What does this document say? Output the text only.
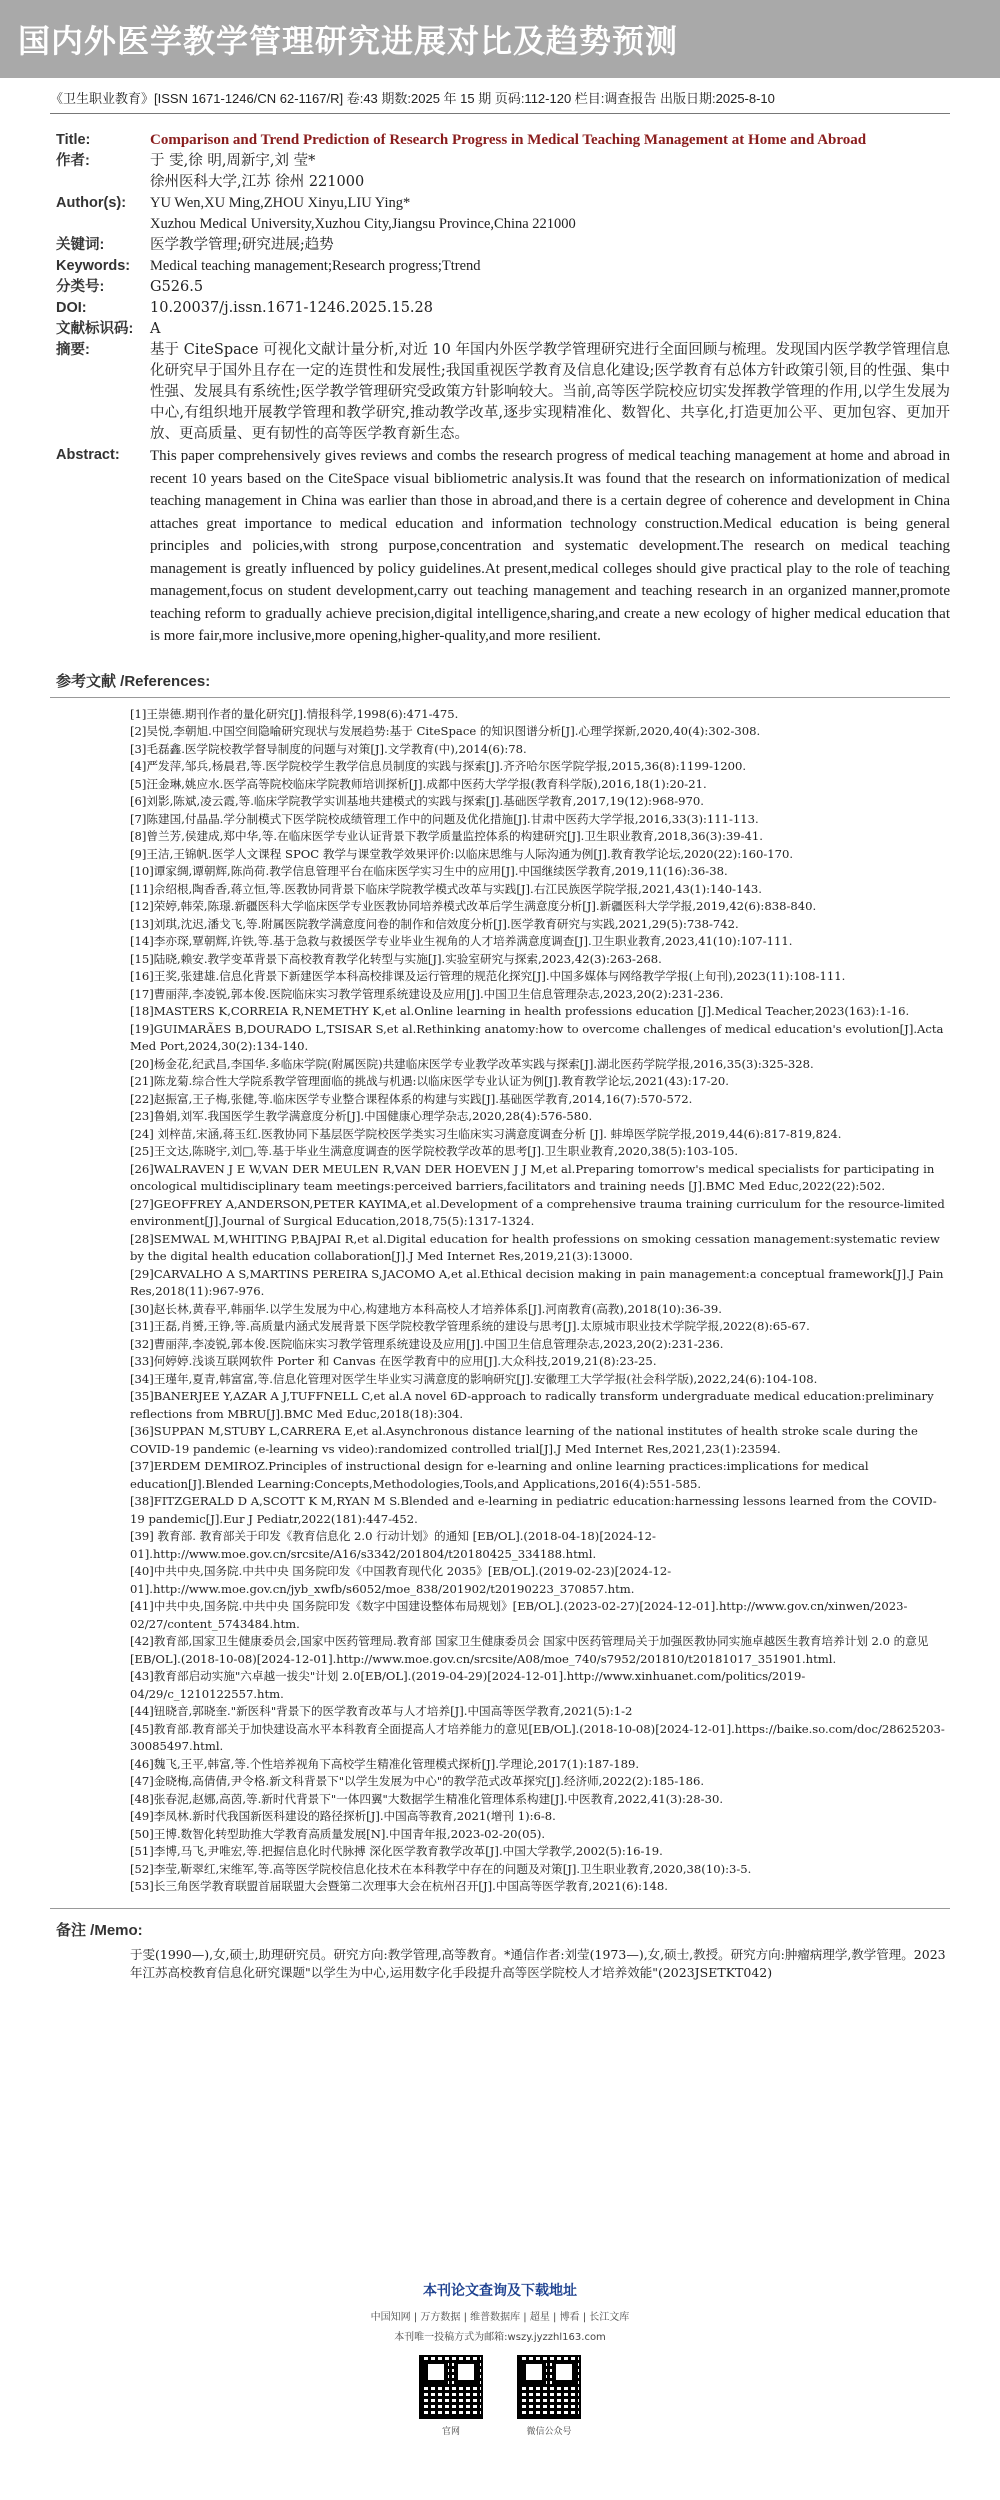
国内外医学教学管理研究进展对比及趋势预测
《卫生职业教育》[ISSN 1671-1246/CN 62-1167/R] 卷:43 期数:2025 年 15 期 页码:112-120 栏目:调查报告 出版日期:2025-8-10
Title:	Comparison and Trend Prediction of Research Progress in Medical Teaching Management at Home and Abroad
作者:	于 雯,徐 明,周新宇,刘 莹*
徐州医科大学,江苏 徐州 221000
Author(s):	YU Wen,XU Ming,ZHOU Xinyu,LIU Ying*
Xuzhou Medical University,Xuzhou City,Jiangsu Province,China 221000
关键词:	医学教学管理;研究进展;趋势
Keywords:	Medical teaching management;Research progress;Ttrend
分类号:	G526.5
DOI:	10.20037/j.issn.1671-1246.2025.15.28
文献标识码:	A
摘要:	基于 CiteSpace 可视化文献计量分析,对近 10 年国内外医学教学管理研究进行全面回顾与梳理。发现国内医学教学管理信息化研究早于国外且存在一定的连贯性和发展性;我国重视医学教育及信息化建设;医学教育有总体方针政策引领,目的性强、集中性强、发展具有系统性;医学教学管理研究受政策方针影响较大。当前,高等医学院校应切实发挥教学管理的作用,以学生发展为中心,有组织地开展教学管理和教学研究,推动教学改革,逐步实现精准化、数智化、共享化,打造更加公平、更加包容、更加开放、更高质量、更有韧性的高等医学教育新生态。
Abstract:	This paper comprehensively gives reviews and combs the research progress of medical teaching management at home and abroad in recent 10 years based on the CiteSpace visual bibliometric analysis.It was found that the research on informationization of medical teaching management in China was earlier than those in abroad,and there is a certain degree of coherence and development in China attaches great importance to medical education and information technology construction.Medical education is being general principles and policies,with strong purpose,concentration and systematic development.The research on medical teaching management is greatly influenced by policy guidelines.At present,medical colleges should give practical play to the role of teaching management,focus on student development,carry out teaching management and teaching research in an organized manner,promote teaching reform to gradually achieve precision,digital intelligence,sharing,and create a new ecology of higher medical education that is more fair,more inclusive,more opening,higher-quality,and more resilient.
参考文献 /References:
[1]王崇德.期刊作者的量化研究[J].情报科学,1998(6):471-475.
[2]吴悦,李朝旭.中国空间隐喻研究现状与发展趋势:基于 CiteSpace 的知识图谱分析[J].心理学探新,2020,40(4):302-308.
[3]毛磊鑫.医学院校教学督导制度的问题与对策[J].文学教育(中),2014(6):78.
[4]严发萍,邹兵,杨晨君,等.医学院校学生教学信息员制度的实践与探索[J].齐齐哈尔医学院学报,2015,36(8):1199-1200.
[5]汪金琳,姚应水.医学高等院校临床学院教师培训探析[J].成都中医药大学学报(教育科学版),2016,18(1):20-21.
[6]刘影,陈斌,凌云霞,等.临床学院教学实训基地共建模式的实践与探索[J].基础医学教育,2017,19(12):968-970.
[7]陈建国,付晶晶.学分制模式下医学院校成绩管理工作中的问题及优化措施[J].甘肃中医药大学学报,2016,33(3):111-113.
[8]曾兰芳,侯建成,郑中华,等.在临床医学专业认证背景下教学质量监控体系的构建研究[J].卫生职业教育,2018,36(3):39-41.
[9]王洁,王锦帆.医学人文课程 SPOC 教学与课堂教学效果评价:以临床思维与人际沟通为例[J].教育教学论坛,2020(22):160-170.
[10]谭家绸,谭朝辉,陈尚荷.教学信息管理平台在临床医学实习生中的应用[J].中国继续医学教育,2019,11(16):36-38.
[11]佘绍根,陶香香,蒋立恒,等.医教协同背景下临床学院教学模式改革与实践[J].右江民族医学院学报,2021,43(1):140-143.
[12]荣婷,韩荣,陈璟.新疆医科大学临床医学专业医教协同培养模式改革后学生满意度分析[J].新疆医科大学学报,2019,42(6):838-840.
[13]刘琪,沈迟,潘戈飞,等.附属医院教学满意度问卷的制作和信效度分析[J].医学教育研究与实践,2021,29(5):738-742.
[14]李亦琛,覃朝辉,许铁,等.基于急救与救援医学专业毕业生视角的人才培养满意度调查[J].卫生职业教育,2023,41(10):107-111.
[15]陆晓,赖安.教学变革背景下高校教育教学化转型与实施[J].实验室研究与探索,2023,42(3):263-268.
[16]王奖,张建雄.信息化背景下新建医学本科高校排课及运行管理的规范化探究[J].中国多媒体与网络教学学报(上旬刊),2023(11):108-111.
[17]曹丽萍,李凌锐,郭本俊.医院临床实习教学管理系统建设及应用[J].中国卫生信息管理杂志,2023,20(2):231-236.
[18]MASTERS K,CORREIA R,NEMETHY K,et al.Online learning in health professions education [J].Medical Teacher,2023(163):1-16.
[19]GUIMARÃES B,DOURADO L,TSISAR S,et al.Rethinking anatomy:how to overcome challenges of medical education's evolution[J].Acta Med Port,2024,30(2):134-140.
[20]杨金花,纪武昌,李国华.多临床学院(附属医院)共建临床医学专业教学改革实践与探索[J].湖北医药学院学报,2016,35(3):325-328.
[21]陈龙菊.综合性大学院系教学管理面临的挑战与机遇:以临床医学专业认证为例[J].教育教学论坛,2021(43):17-20.
[22]赵振富,王子梅,张健,等.临床医学专业整合课程体系的构建与实践[J].基础医学教育,2014,16(7):570-572.
[23]鲁娟,刘军.我国医学生教学满意度分析[J].中国健康心理学杂志,2020,28(4):576-580.
[24] 刘梓苗,宋涵,蒋玉红.医教协同下基层医学院校医学类实习生临床实习满意度调查分析 [J]. 蚌埠医学院学报,2019,44(6):817-819,824.
[25]王文达,陈晓宇,刘□,等.基于毕业生满意度调查的医学院校教学改革的思考[J].卫生职业教育,2020,38(5):103-105.
[26]WALRAVEN J E W,VAN DER MEULEN R,VAN DER HOEVEN J J M,et al.Preparing tomorrow's medical specialists for participating in oncological multidisciplinary team meetings:perceived barriers,facilitators and training needs [J].BMC Med Educ,2022(22):502.
[27]GEOFFREY A,ANDERSON,PETER KAYIMA,et al.Development of a comprehensive trauma training curriculum for the resource-limited environment[J].Journal of Surgical Education,2018,75(5):1317-1324.
[28]SEMWAL M,WHITING P,BAJPAI R,et al.Digital education for health professions on smoking cessation management:systematic review by the digital health education collaboration[J].J Med Internet Res,2019,21(3):13000.
[29]CARVALHO A S,MARTINS PEREIRA S,JACOMO A,et al.Ethical decision making in pain management:a conceptual framework[J].J Pain Res,2018(11):967-976.
[30]赵长林,黄春平,韩丽华.以学生发展为中心,构建地方本科高校人才培养体系[J].河南教育(高教),2018(10):36-39.
[31]王磊,肖赟,王铮,等.高质量内涵式发展背景下医学院校教学管理系统的建设与思考[J].太原城市职业技术学院学报,2022(8):65-67.
[32]曹丽萍,李凌锐,郭本俊.医院临床实习教学管理系统建设及应用[J].中国卫生信息管理杂志,2023,20(2):231-236.
[33]何婷婷.浅谈互联网软件 Porter 和 Canvas 在医学教育中的应用[J].大众科技,2019,21(8):23-25.
[34]王瑾年,夏青,韩富富,等.信息化管理对医学生毕业实习满意度的影响研究[J].安徽理工大学学报(社会科学版),2022,24(6):104-108.
[35]BANERJEE Y,AZAR A J,TUFFNELL C,et al.A novel 6D-approach to radically transform undergraduate medical education:preliminary reflections from MBRU[J].BMC Med Educ,2018(18):304.
[36]SUPPAN M,STUBY L,CARRERA E,et al.Asynchronous distance learning of the national institutes of health stroke scale during the COVID-19 pandemic (e-learning vs video):randomized controlled trial[J].J Med Internet Res,2021,23(1):23594.
[37]ERDEM DEMIROZ.Principles of instructional design for e-learning and online learning practices:implications for medical education[J].Blended Learning:Concepts,Methodologies,Tools,and Applications,2016(4):551-585.
[38]FITZGERALD D A,SCOTT K M,RYAN M S.Blended and e-learning in pediatric education:harnessing lessons learned from the COVID-19 pandemic[J].Eur J Pediatr,2022(181):447-452.
[39] 教育部. 教育部关于印发《教育信息化 2.0 行动计划》的通知 [EB/OL].(2018-04-18)[2024-12-01].http://www.moe.gov.cn/srcsite/A16/s3342/201804/t20180425_334188.html.
[40]中共中央,国务院.中共中央 国务院印发《中国教育现代化 2035》[EB/OL].(2019-02-23)[2024-12-01].http://www.moe.gov.cn/jyb_xwfb/s6052/moe_838/201902/t20190223_370857.htm.
[41]中共中央,国务院.中共中央 国务院印发《数字中国建设整体布局规划》[EB/OL].(2023-02-27)[2024-12-01].http://www.gov.cn/xinwen/2023-02/27/content_5743484.htm.
[42]教育部,国家卫生健康委员会,国家中医药管理局.教育部 国家卫生健康委员会 国家中医药管理局关于加强医教协同实施卓越医生教育培养计划 2.0 的意见[EB/OL].(2018-10-08)[2024-12-01].http://www.moe.gov.cn/srcsite/A08/moe_740/s7952/201810/t20181017_351901.html.
[43]教育部启动实施"六卓越一拔尖"计划 2.0[EB/OL].(2019-04-29)[2024-12-01].http://www.xinhuanet.com/politics/2019-04/29/c_1210122557.htm.
[44]钮晓音,郭晓奎."新医科"背景下的医学教育改革与人才培养[J].中国高等医学教育,2021(5):1-2
[45]教育部.教育部关于加快建设高水平本科教育全面提高人才培养能力的意见[EB/OL].(2018-10-08)[2024-12-01].https://baike.so.com/doc/28625203-30085497.html.
[46]魏飞,王平,韩富,等.个性培养视角下高校学生精准化管理模式探析[J].学理论,2017(1):187-189.
[47]金晓梅,高倩倩,尹令格.新文科背景下"以学生发展为中心"的教学范式改革探究[J].经济师,2022(2):185-186.
[48]张春泥,赵娜,高茵,等.新时代背景下"一体四翼"大数据学生精准化管理体系构建[J].中医教育,2022,41(3):28-30.
[49]李凤林.新时代我国新医科建设的路径探析[J].中国高等教育,2021(增刊 1):6-8.
[50]王博.数智化转型助推大学教育高质量发展[N].中国青年报,2023-02-20(05).
[51]李博,马飞,尹唯宏,等.把握信息化时代脉搏 深化医学教育教学改革[J].中国大学教学,2002(5):16-19.
[52]李莹,靳翠红,宋维军,等.高等医学院校信息化技术在本科教学中存在的问题及对策[J].卫生职业教育,2020,38(10):3-5.
[53]长三角医学教育联盟首届联盟大会暨第二次理事大会在杭州召开[J].中国高等医学教育,2021(6):148.
备注 /Memo:
于雯(1990—),女,硕士,助理研究员。研究方向:教学管理,高等教育。*通信作者:刘莹(1973—),女,硕士,教授。研究方向:肿瘤病理学,教学管理。2023 年江苏高校教育信息化研究课题"以学生为中心,运用数字化手段提升高等医学院校人才培养效能"(2023JSETKT042)
本刊论文查询及下载地址
中国知网 | 万方数据 | 维普数据库 | 超星 | 博看 | 长江文库
本刊唯一投稿方式为邮箱:wszy.jyzzhl163.com
官网	微信公众号
